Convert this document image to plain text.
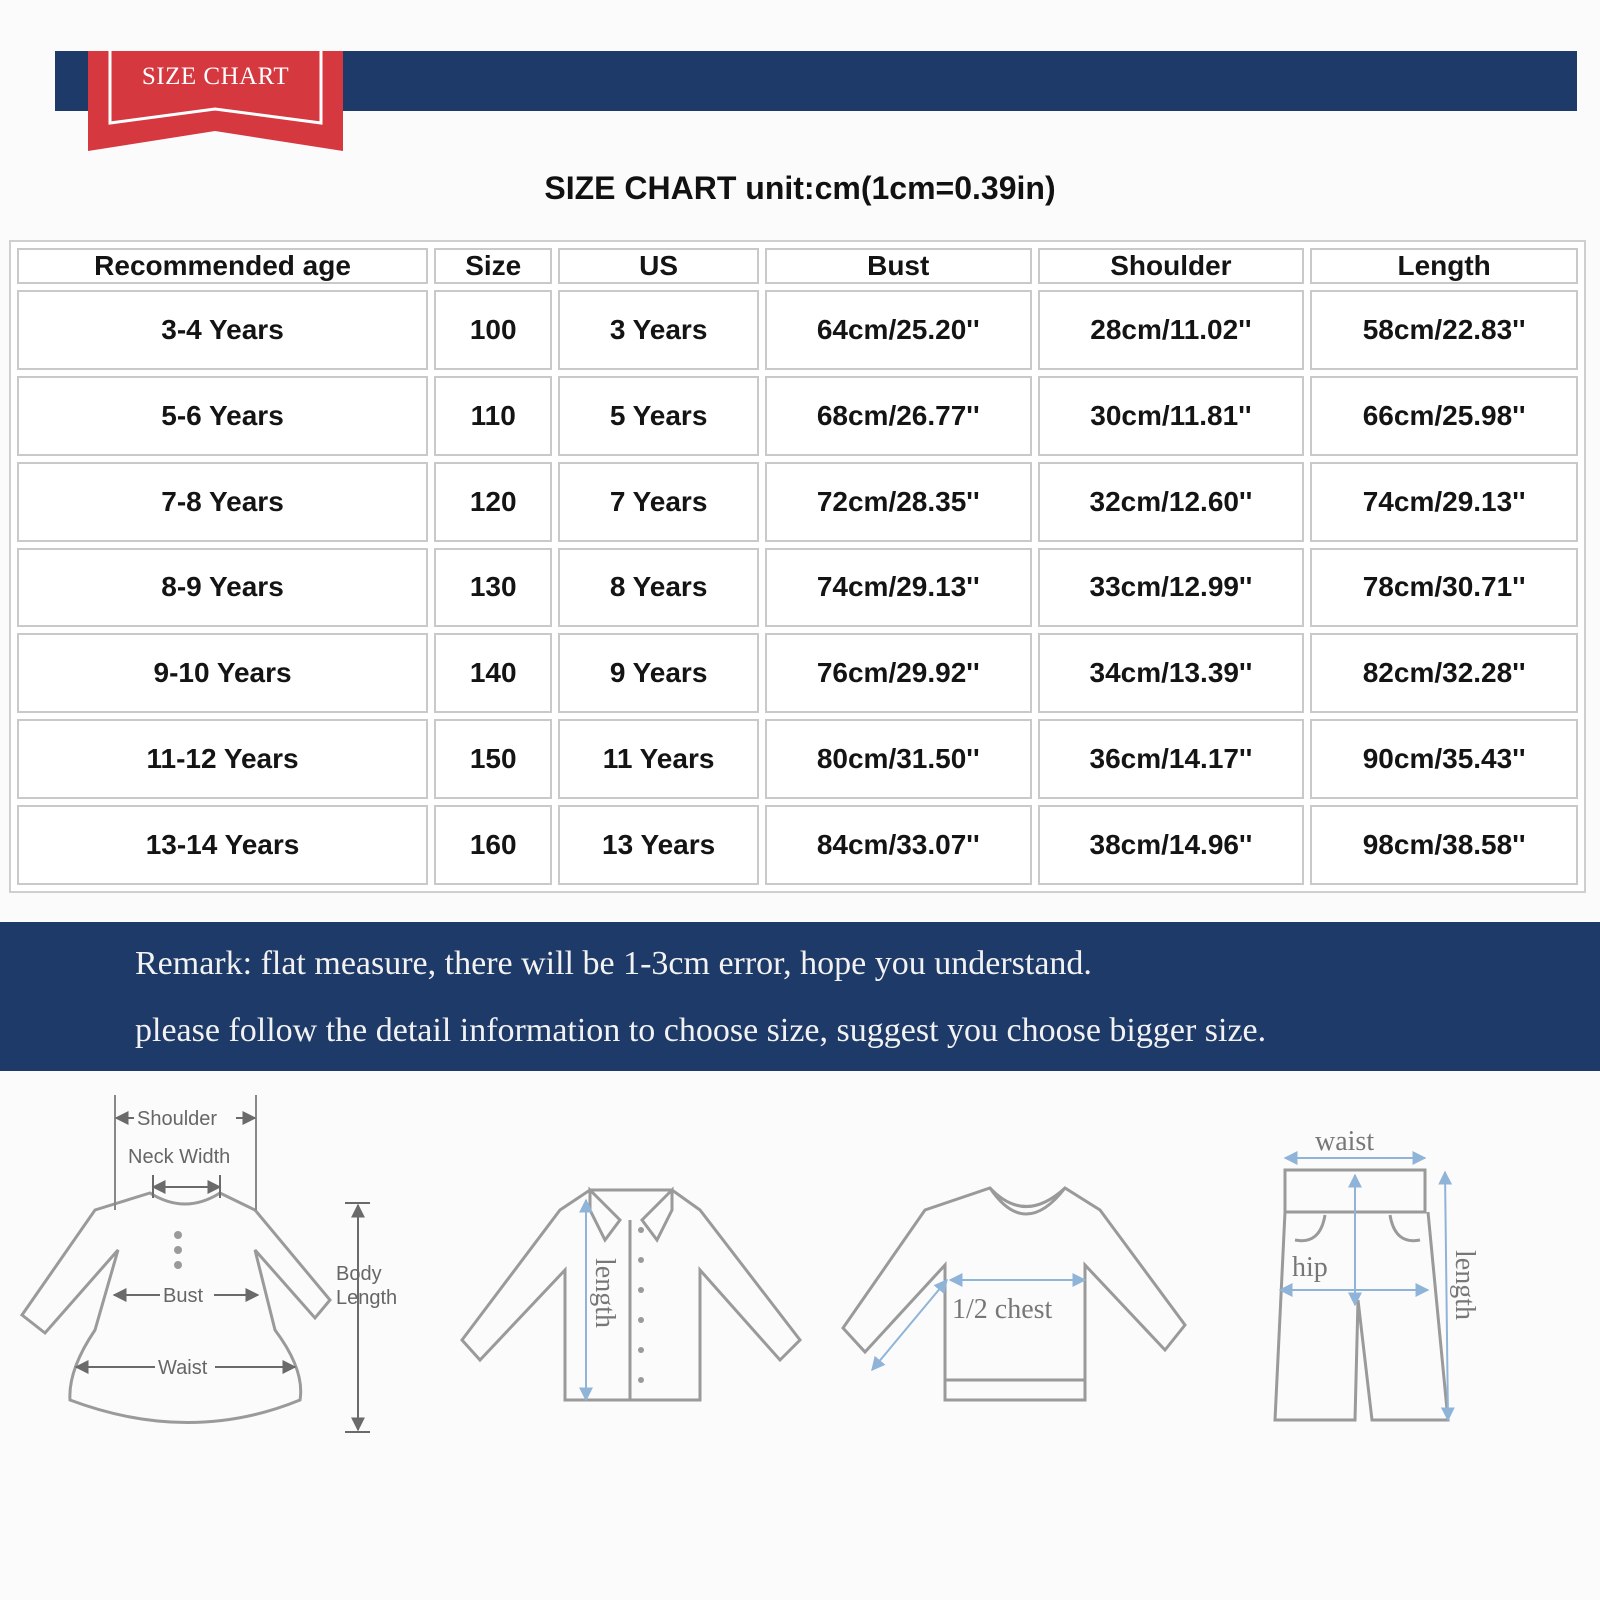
SIZE CHART
SIZE CHART unit:cm(1cm=0.39in)
Recommended age	Size	US	Bust	Shoulder	Length
3-4 Years	100	3 Years	64cm/25.20''	28cm/11.02''	58cm/22.83''
5-6 Years	110	5 Years	68cm/26.77''	30cm/11.81''	66cm/25.98''
7-8 Years	120	7 Years	72cm/28.35''	32cm/12.60''	74cm/29.13''
8-9 Years	130	8 Years	74cm/29.13''	33cm/12.99''	78cm/30.71''
9-10 Years	140	9 Years	76cm/29.92''	34cm/13.39''	82cm/32.28''
11-12 Years	150	11 Years	80cm/31.50''	36cm/14.17''	90cm/35.43''
13-14 Years	160	13 Years	84cm/33.07''	38cm/14.96''	98cm/38.58''
Remark: flat measure, there will be 1-3cm error, hope you understand.
please follow the detail information to choose size, suggest you choose bigger size.
Shoulder
Neck Width
Body
Length
Bust
Waist
length	1/2 chest
waist
hip	length
